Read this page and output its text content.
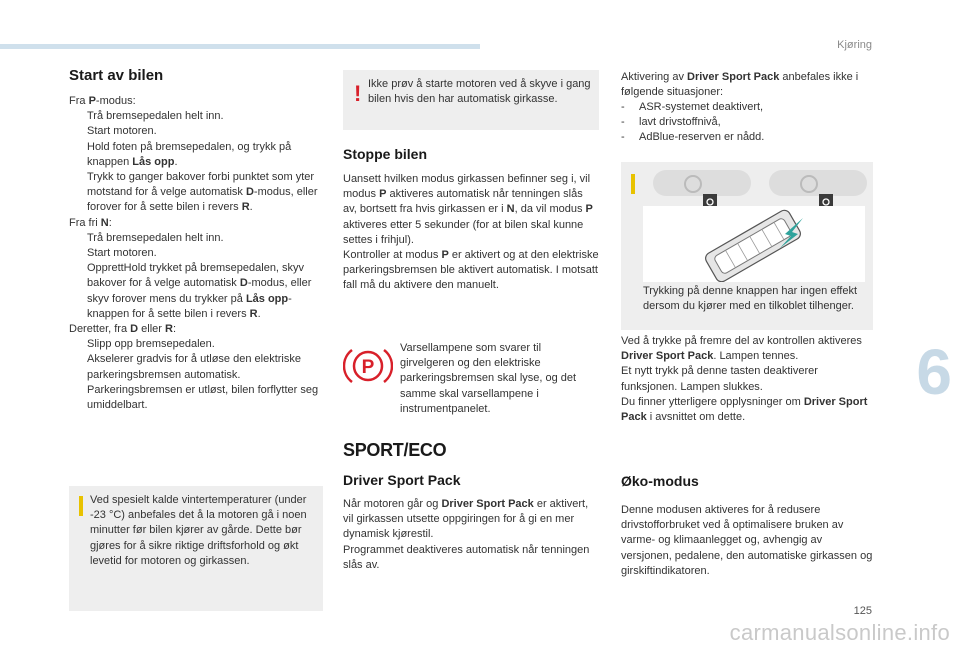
Kjøring
6
125
carmanualsonline.info
Start av bilen
Fra P-modus:
Trå bremsepedalen helt inn.
Start motoren.
Hold foten på bremsepedalen, og trykk på knappen Lås opp.
Trykk to ganger bakover forbi punktet som yter motstand for å velge automatisk D-modus, eller forover for å sette bilen i revers R.
Fra fri N:
Trå bremsepedalen helt inn.
Start motoren.
OpprettHold trykket på bremsepedalen, skyv bakover for å velge automatisk D-modus, eller skyv forover mens du trykker på Lås opp-knappen for å sette bilen i revers R.
Deretter, fra D eller R:
Slipp opp bremsepedalen.
Akselerer gradvis for å utløse den elektriske parkeringsbremsen automatisk.
Parkeringsbremsen er utløst, bilen forflytter seg umiddelbart.
Ved spesielt kalde vintertemperaturer (under -23 °C) anbefales det å la motoren gå i noen minutter før bilen kjører av gårde. Dette bør gjøres for å sikre riktige driftsforhold og økt levetid for motoren og girkassen.
! Ikke prøv å starte motoren ved å skyve i gang bilen hvis den har automatisk girkasse.
Stoppe bilen
Uansett hvilken modus girkassen befinner seg i, vil modus P aktiveres automatisk når tenningen slås av, bortsett fra hvis girkassen er i N, da vil modus P aktiveres etter 5 sekunder (for at bilen skal kunne settes i frihjul).
Kontroller at modus P er aktivert og at den elektriske parkeringsbremsen ble aktivert automatisk. I motsatt fall må du aktivere den manuelt.
P
Varsellampene som svarer til girvelgeren og den elektriske parkeringsbremsen skal lyse, og det samme skal varsellampene i instrumentpanelet.
SPORT/ECO
Driver Sport Pack
Når motoren går og Driver Sport Pack er aktivert, vil girkassen utsette oppgiringen for å gi en mer dynamisk kjørestil.
Programmet deaktiveres automatisk når tenningen slås av.
Aktivering av Driver Sport Pack anbefales ikke i følgende situasjoner:
- ASR-systemet deaktivert,
- lavt drivstoffnivå,
- AdBlue-reserven er nådd.
Trykking på denne knappen har ingen effekt dersom du kjører med en tilkoblet tilhenger.
Ved å trykke på fremre del av kontrollen aktiveres Driver Sport Pack. Lampen tennes.
Et nytt trykk på denne tasten deaktiverer funksjonen. Lampen slukkes.
Du finner ytterligere opplysninger om Driver Sport Pack i avsnittet om dette.
Øko-modus
Denne modusen aktiveres for å redusere drivstofforbruket ved å optimalisere bruken av varme- og klimaanlegget og, avhengig av versjonen, pedalene, den automatiske girkassen og girskiftindikatoren.
